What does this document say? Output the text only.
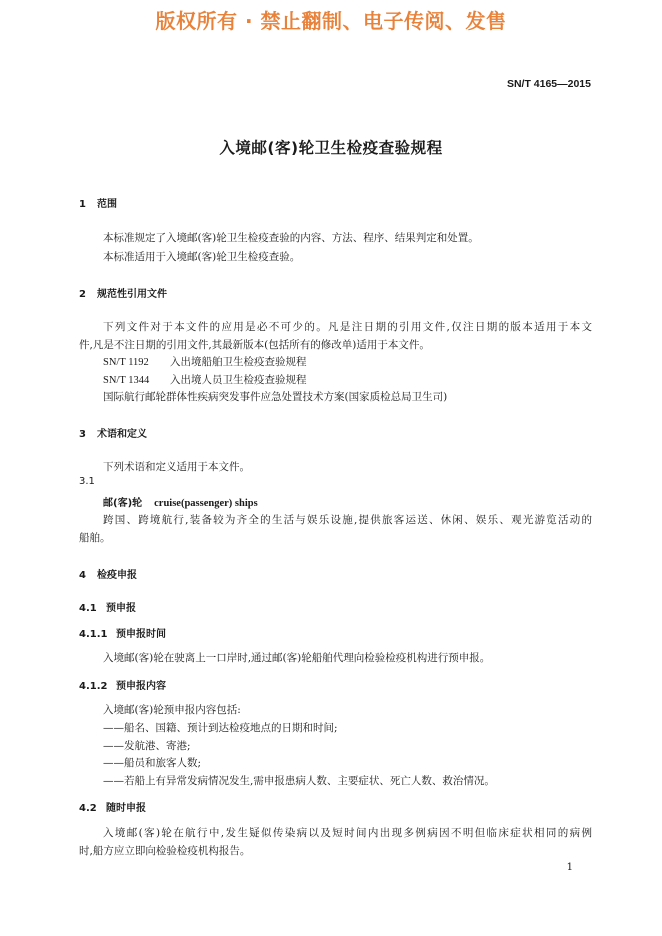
版权所有 · 禁止翻制、电子传阅、发售
SN/T 4165—2015
入境邮(客)轮卫生检疫查验规程
1 范围
本标准规定了入境邮(客)轮卫生检疫查验的内容、方法、程序、结果判定和处置。
本标准适用于入境邮(客)轮卫生检疫查验。
2 规范性引用文件
下列文件对于本文件的应用是必不可少的。凡是注日期的引用文件,仅注日期的版本适用于本文
件,凡是不注日期的引用文件,其最新版本(包括所有的修改单)适用于本文件。
SN/T 1192 入出境船舶卫生检疫查验规程
SN/T 1344 入出境人员卫生检疫查验规程
国际航行邮轮群体性疾病突发事件应急处置技术方案(国家质检总局卫生司)
3 术语和定义
下列术语和定义适用于本文件。
3.1
邮(客)轮 cruise(passenger) ships
跨国、跨境航行,装备较为齐全的生活与娱乐设施,提供旅客运送、休闲、娱乐、观光游览活动的
船舶。
4 检疫申报
4.1 预申报
4.1.1 预申报时间
入境邮(客)轮在驶离上一口岸时,通过邮(客)轮船舶代理向检验检疫机构进行预申报。
4.1.2 预申报内容
入境邮(客)轮预申报内容包括:
——船名、国籍、预计到达检疫地点的日期和时间;
——发航港、寄港;
——船员和旅客人数;
——若船上有异常发病情况发生,需申报患病人数、主要症状、死亡人数、救治情况。
4.2 随时申报
入境邮(客)轮在航行中,发生疑似传染病以及短时间内出现多例病因不明但临床症状相同的病例
时,船方应立即向检验检疫机构报告。
1
